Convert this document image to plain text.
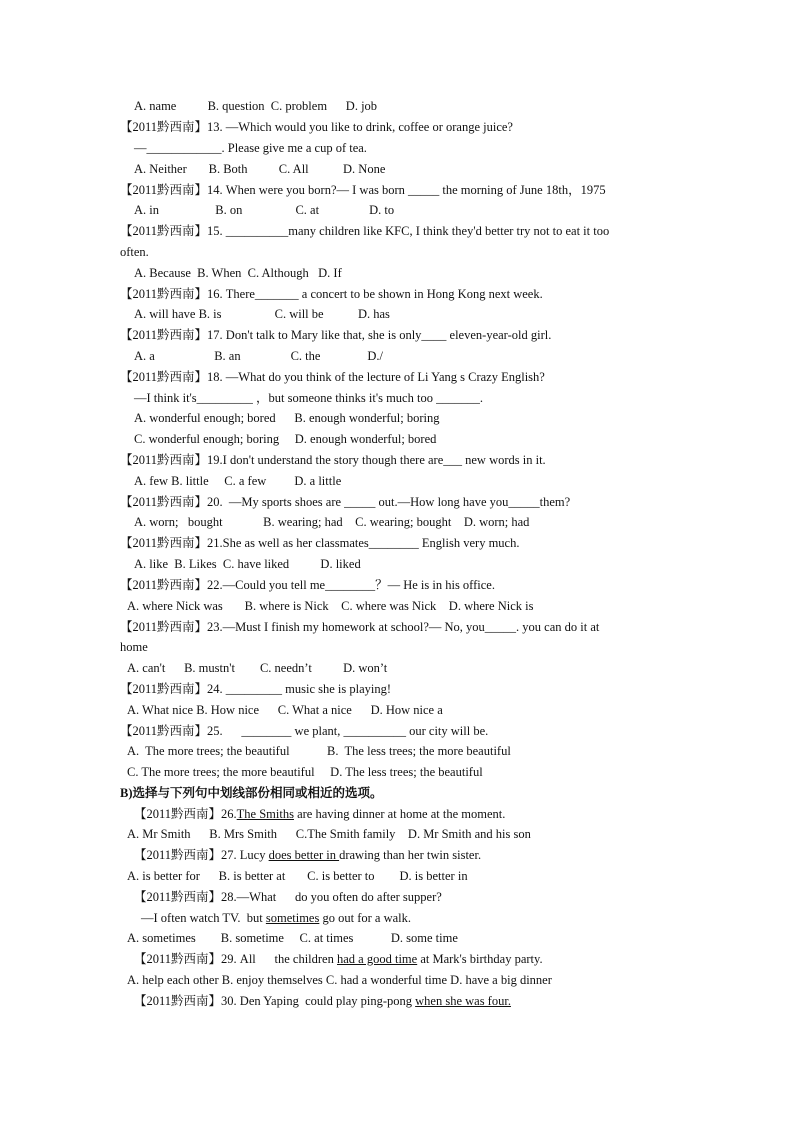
A. name          B. question  C. problem      D. job
【2011黔西南】13. —Which would you like to drink, coffee or orange juice?
—____________. Please give me a cup of tea.
A. Neither       B. Both          C. All           D. None
【2011黔西南】14. When were you born?— I was born _____ the morning of June 18th，1975
A. in                  B. on                 C. at                D. to
【2011黔西南】15. __________many children like KFC, I think they'd better try not to eat it too
often.
A. Because  B. When  C. Although   D. If
【2011黔西南】16. There_______ a concert to be shown in Hong Kong next week.
A. will have B. is                 C. will be           D. has
【2011黔西南】17. Don't talk to Mary like that, she is only____ eleven-year-old girl.
A. a                   B. an                C. the               D./
【2011黔西南】18. —What do you think of the lecture of Li Yang s Crazy English?
—I think it's_________ ，but someone thinks it's much too _______.
A. wonderful enough; bored      B. enough wonderful; boring
C. wonderful enough; boring     D. enough wonderful; bored
【2011黔西南】19.I don't understand the story though there are___ new words in it.
A. few B. little     C. a few         D. a little
【2011黔西南】20.  —My sports shoes are _____ out.—How long have you_____them?
A. worn;   bought             B. wearing; had    C. wearing; bought    D. worn; had
【2011黔西南】21.She as well as her classmates________ English very much.
A. like  B. Likes  C. have liked          D. liked
【2011黔西南】22.—Could you tell me________？— He is in his office.
A. where Nick was       B. where is Nick    C. where was Nick    D. where Nick is
【2011黔西南】23.—Must I finish my homework at school?— No, you_____. you can do it at
home
A. can't      B. mustn't        C. needn’t          D. won’t
【2011黔西南】24. _________ music she is playing!
A. What nice B. How nice      C. What a nice      D. How nice a
【2011黔西南】25.      ________ we plant, __________ our city will be.
A.  The more trees; the beautiful            B.  The less trees; the more beautiful
C. The more trees; the more beautiful     D. The less trees; the beautiful
B)选择与下列句中划线部份相同或相近的选项。
【2011黔西南】26.The Smiths are having dinner at home at the moment.
A. Mr Smith      B. Mrs Smith      C.The Smith family    D. Mr Smith and his son
【2011黔西南】27. Lucy does better in drawing than her twin sister.
A. is better for      B. is better at       C. is better to        D. is better in
【2011黔西南】28.—What      do you often do after supper?
—I often watch TV.  but sometimes go out for a walk.
A. sometimes        B. sometime     C. at times            D. some time
【2011黔西南】29. All      the children had a good time at Mark's birthday party.
A. help each other B. enjoy themselves C. had a wonderful time D. have a big dinner
【2011黔西南】30. Den Yaping  could play ping-pong when she was four.
